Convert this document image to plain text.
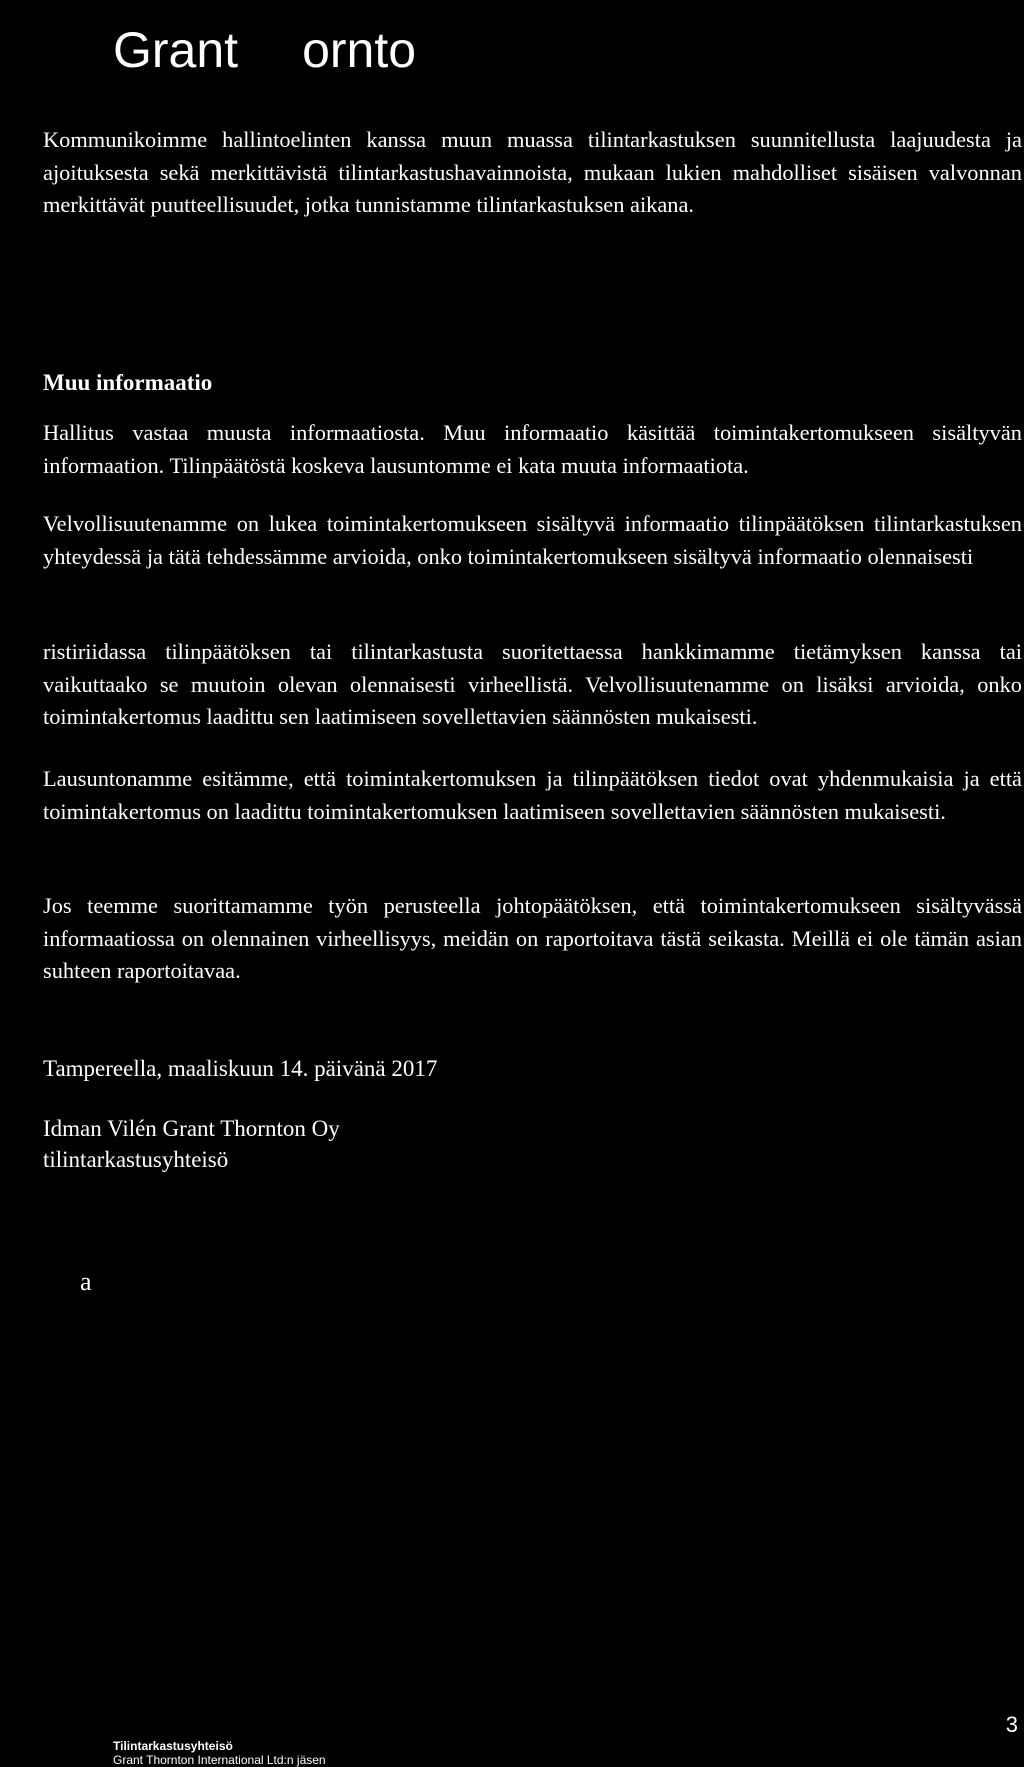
Grant ornto

Kommunikoimme hallintoelinten kanssa muun muassa tilintarkastuksen suunnitellusta laajuudesta ja ajoituksesta sekä merkittävistä tilintarkastushavainnoista, mukaan lukien mahdolliset sisäisen valvonnan merkittävät puutteellisuudet, jotka tunnistamme tilintarkastuksen aikana.

Muu informaatio

Hallitus vastaa muusta informaatiosta. Muu informaatio käsittää toimintakertomukseen sisältyvän informaation. Tilinpäätöstä koskeva lausuntomme ei kata muuta informaatiota.

Velvollisuutenamme on lukea toimintakertomukseen sisältyvä informaatio tilinpäätöksen tilintarkastuksen yhteydessä ja tätä tehdessämme arvioida, onko toimintakertomukseen sisältyvä informaatio olennaisesti

ristiriidassa tilinpäätöksen tai tilintarkastusta suoritettaessa hankkimamme tietämyksen kanssa tai vaikuttaako se muutoin olevan olennaisesti virheellistä. Velvollisuutenamme on lisäksi arvioida, onko toimintakertomus laadittu sen laatimiseen sovellettavien säännösten mukaisesti.

Lausuntonamme esitämme, että toimintakertomuksen ja tilinpäätöksen tiedot ovat yhdenmukaisia ja että toimintakertomus on laadittu toimintakertomuksen laatimiseen sovellettavien säännösten mukaisesti.

Jos teemme suorittamamme työn perusteella johtopäätöksen, että toimintakertomukseen sisältyvässä informaatiossa on olennainen virheellisyys, meidän on raportoitava tästä seikasta. Meillä ei ole tämän asian suhteen raportoitavaa.

Tampereella, maaliskuun 14. päivänä 2017
Idman Vilén Grant Thornton Oy
tilintarkastusyhteisö
a
Tilintarkastusyhteisö
Grant Thornton International Ltd:n jäsen
3
